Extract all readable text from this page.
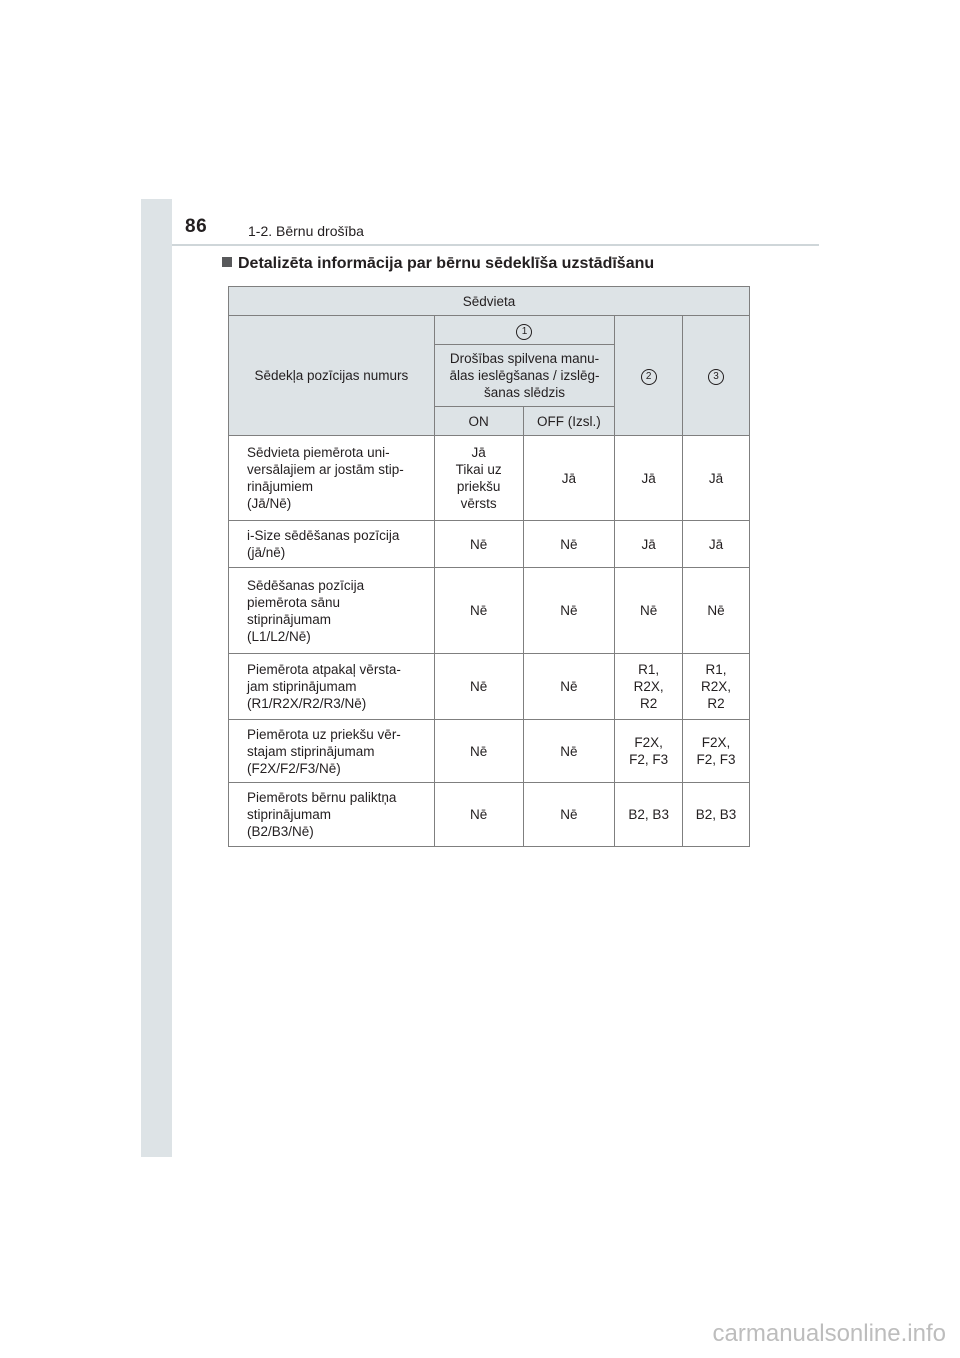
86	1-2. Bērnu drošība
Detalizēta informācija par bērnu sēdeklīša uzstādīšanu
Sēdvieta				
Sēdekļa pozīcijas numurs	1		2	3
	Drošības spilvena manu-
ālas ieslēgšanas / izslēg-
šanas slēdzis			
	ON	OFF (Izsl.)		
Sēdvieta piemērota uni-
versālajiem ar jostām stip-
rinājumiem
(Jā/Nē)	Jā
Tikai uz
priekšu
vērsts	Jā	Jā	Jā
i-Size sēdēšanas pozīcija
(jā/nē)	Nē	Nē	Jā	Jā
Sēdēšanas pozīcija
piemērota sānu
stiprinājumam
(L1/L2/Nē)	Nē	Nē	Nē	Nē
Piemērota atpakaļ vērsta-
jam stiprinājumam
(R1/R2X/R2/R3/Nē)	Nē	Nē	R1,
R2X,
R2	R1,
R2X,
R2
Piemērota uz priekšu vēr-
stajam stiprinājumam
(F2X/F2/F3/Nē)	Nē	Nē	F2X,
F2, F3	F2X,
F2, F3
Piemērots bērnu paliktņa
stiprinājumam
(B2/B3/Nē)	Nē	Nē	B2, B3	B2, B3
carmanualsonline.info
